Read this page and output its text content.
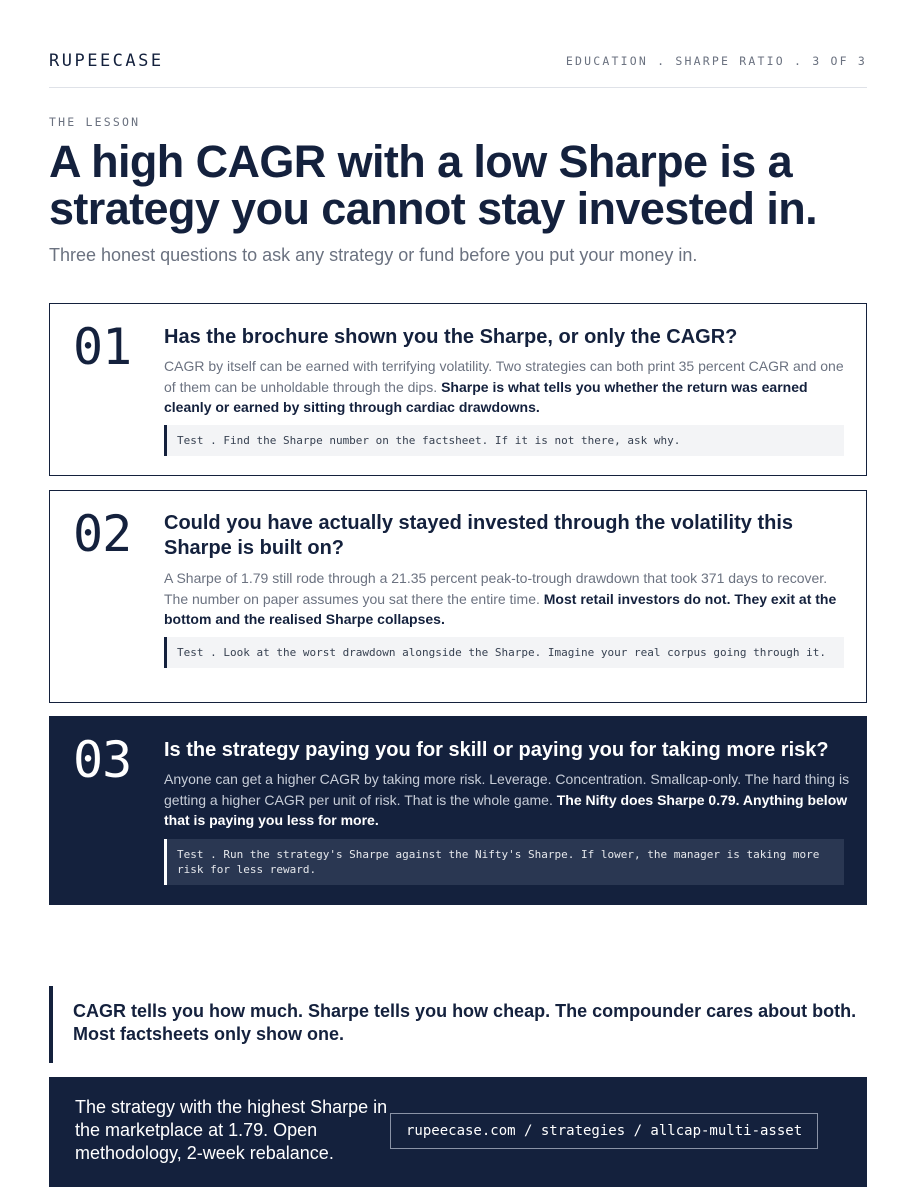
RUPEECASE	EDUCATION . SHARPE RATIO . 3 OF 3
THE LESSON
A high CAGR with a low Sharpe is a strategy you cannot stay invested in.
Three honest questions to ask any strategy or fund before you put your money in.
01 Has the brochure shown you the Sharpe, or only the CAGR?
CAGR by itself can be earned with terrifying volatility. Two strategies can both print 35 percent CAGR and one of them can be unholdable through the dips. Sharpe is what tells you whether the return was earned cleanly or earned by sitting through cardiac drawdowns.
Test . Find the Sharpe number on the factsheet. If it is not there, ask why.
02 Could you have actually stayed invested through the volatility this Sharpe is built on?
A Sharpe of 1.79 still rode through a 21.35 percent peak-to-trough drawdown that took 371 days to recover. The number on paper assumes you sat there the entire time. Most retail investors do not. They exit at the bottom and the realised Sharpe collapses.
Test . Look at the worst drawdown alongside the Sharpe. Imagine your real corpus going through it.
03 Is the strategy paying you for skill or paying you for taking more risk?
Anyone can get a higher CAGR by taking more risk. Leverage. Concentration. Smallcap-only. The hard thing is getting a higher CAGR per unit of risk. That is the whole game. The Nifty does Sharpe 0.79. Anything below that is paying you less for more.
Test . Run the strategy's Sharpe against the Nifty's Sharpe. If lower, the manager is taking more risk for less reward.
CAGR tells you how much. Sharpe tells you how cheap. The compounder cares about both. Most factsheets only show one.
The strategy with the highest Sharpe in the marketplace at 1.79. Open methodology, 2-week rebalance.
rupeecase.com / strategies / allcap-multi-asset
